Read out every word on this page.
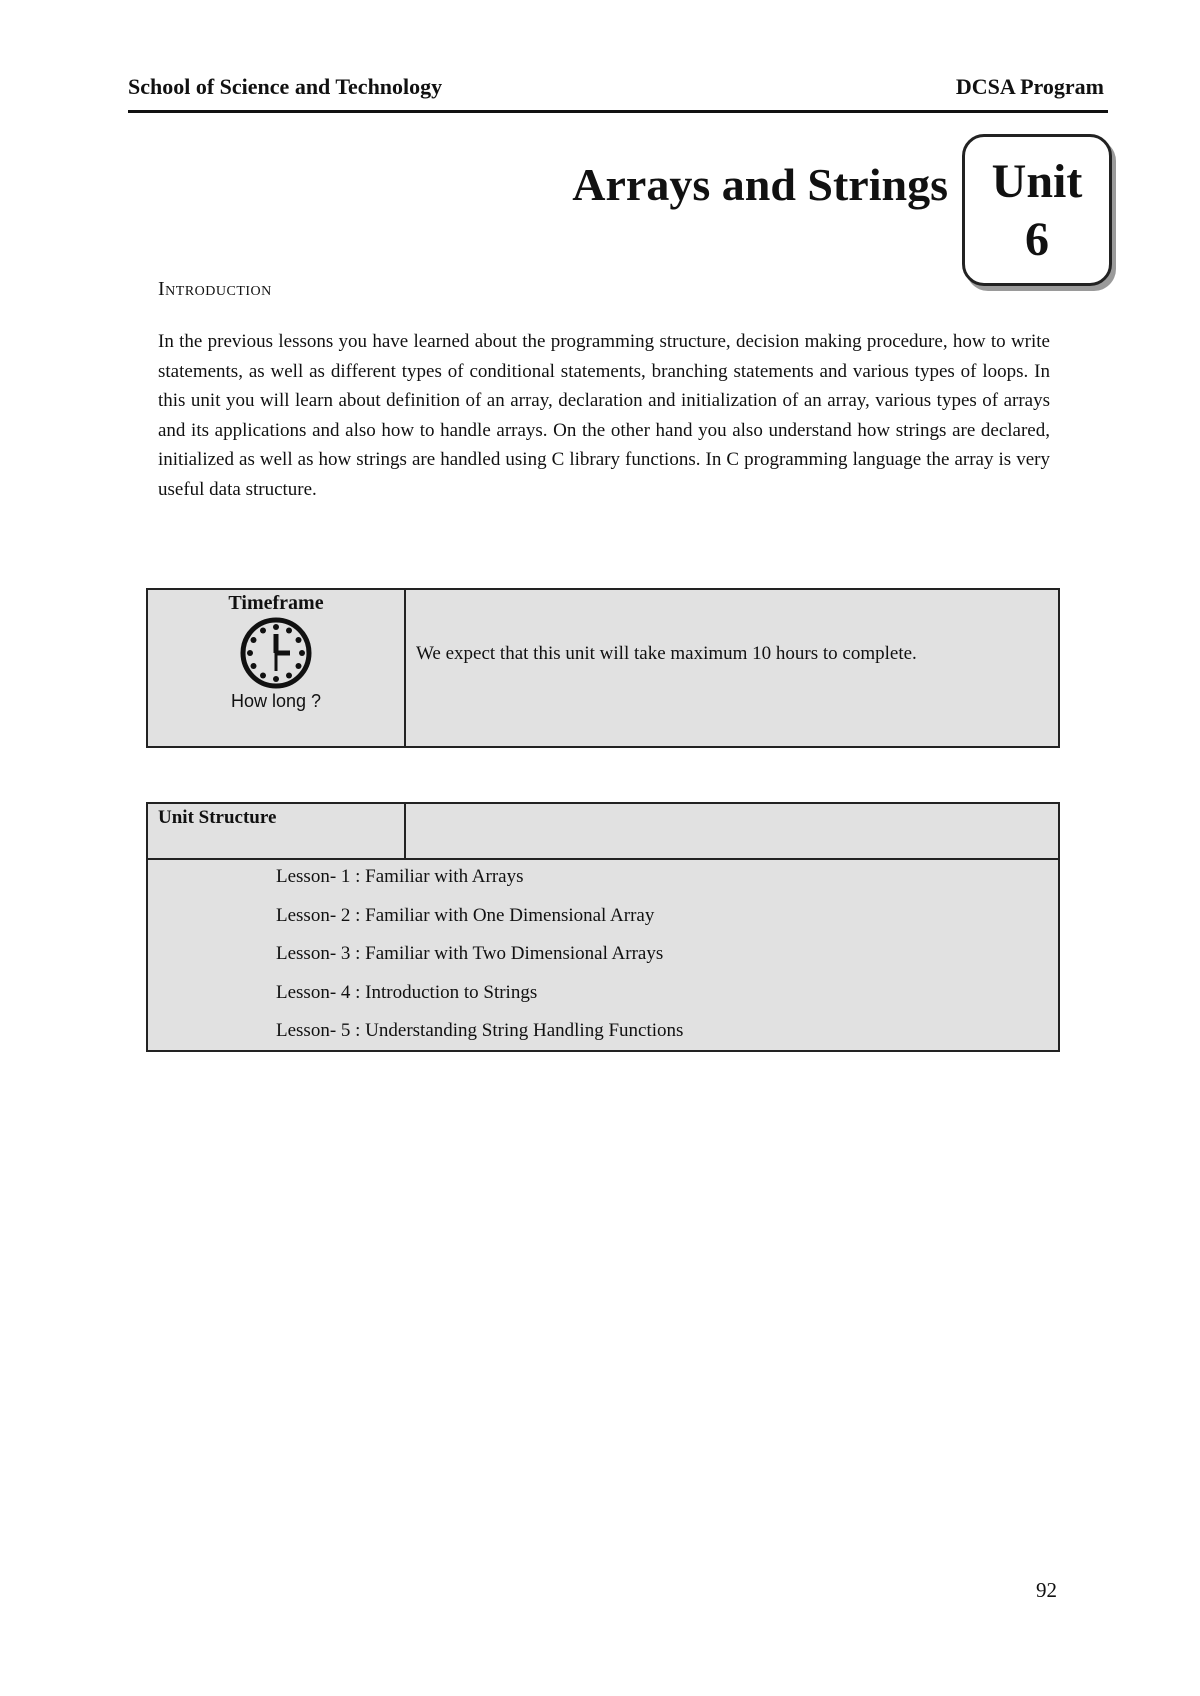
School of Science and Technology	DCSA Program
Arrays and Strings Unit
6
Introduction
In the previous lessons you have learned about the programming structure, decision making procedure, how to write statements, as well as different types of conditional statements, branching statements and various types of loops. In this unit you will learn about definition of an array, declaration and initialization of an array, various types of arrays and its applications and also how to handle arrays. On the other hand you also understand how strings are declared, initialized as well as how strings are handled using C library functions. In C programming language the array is very useful data structure.
Timeframe
How long ?
We expect that this unit will take maximum 10 hours to complete.
Unit Structure
Lesson- 1 : Familiar with Arrays
Lesson- 2 : Familiar with One Dimensional Array
Lesson- 3 : Familiar with Two Dimensional Arrays
Lesson- 4 : Introduction to Strings
Lesson- 5 : Understanding String Handling Functions
92
